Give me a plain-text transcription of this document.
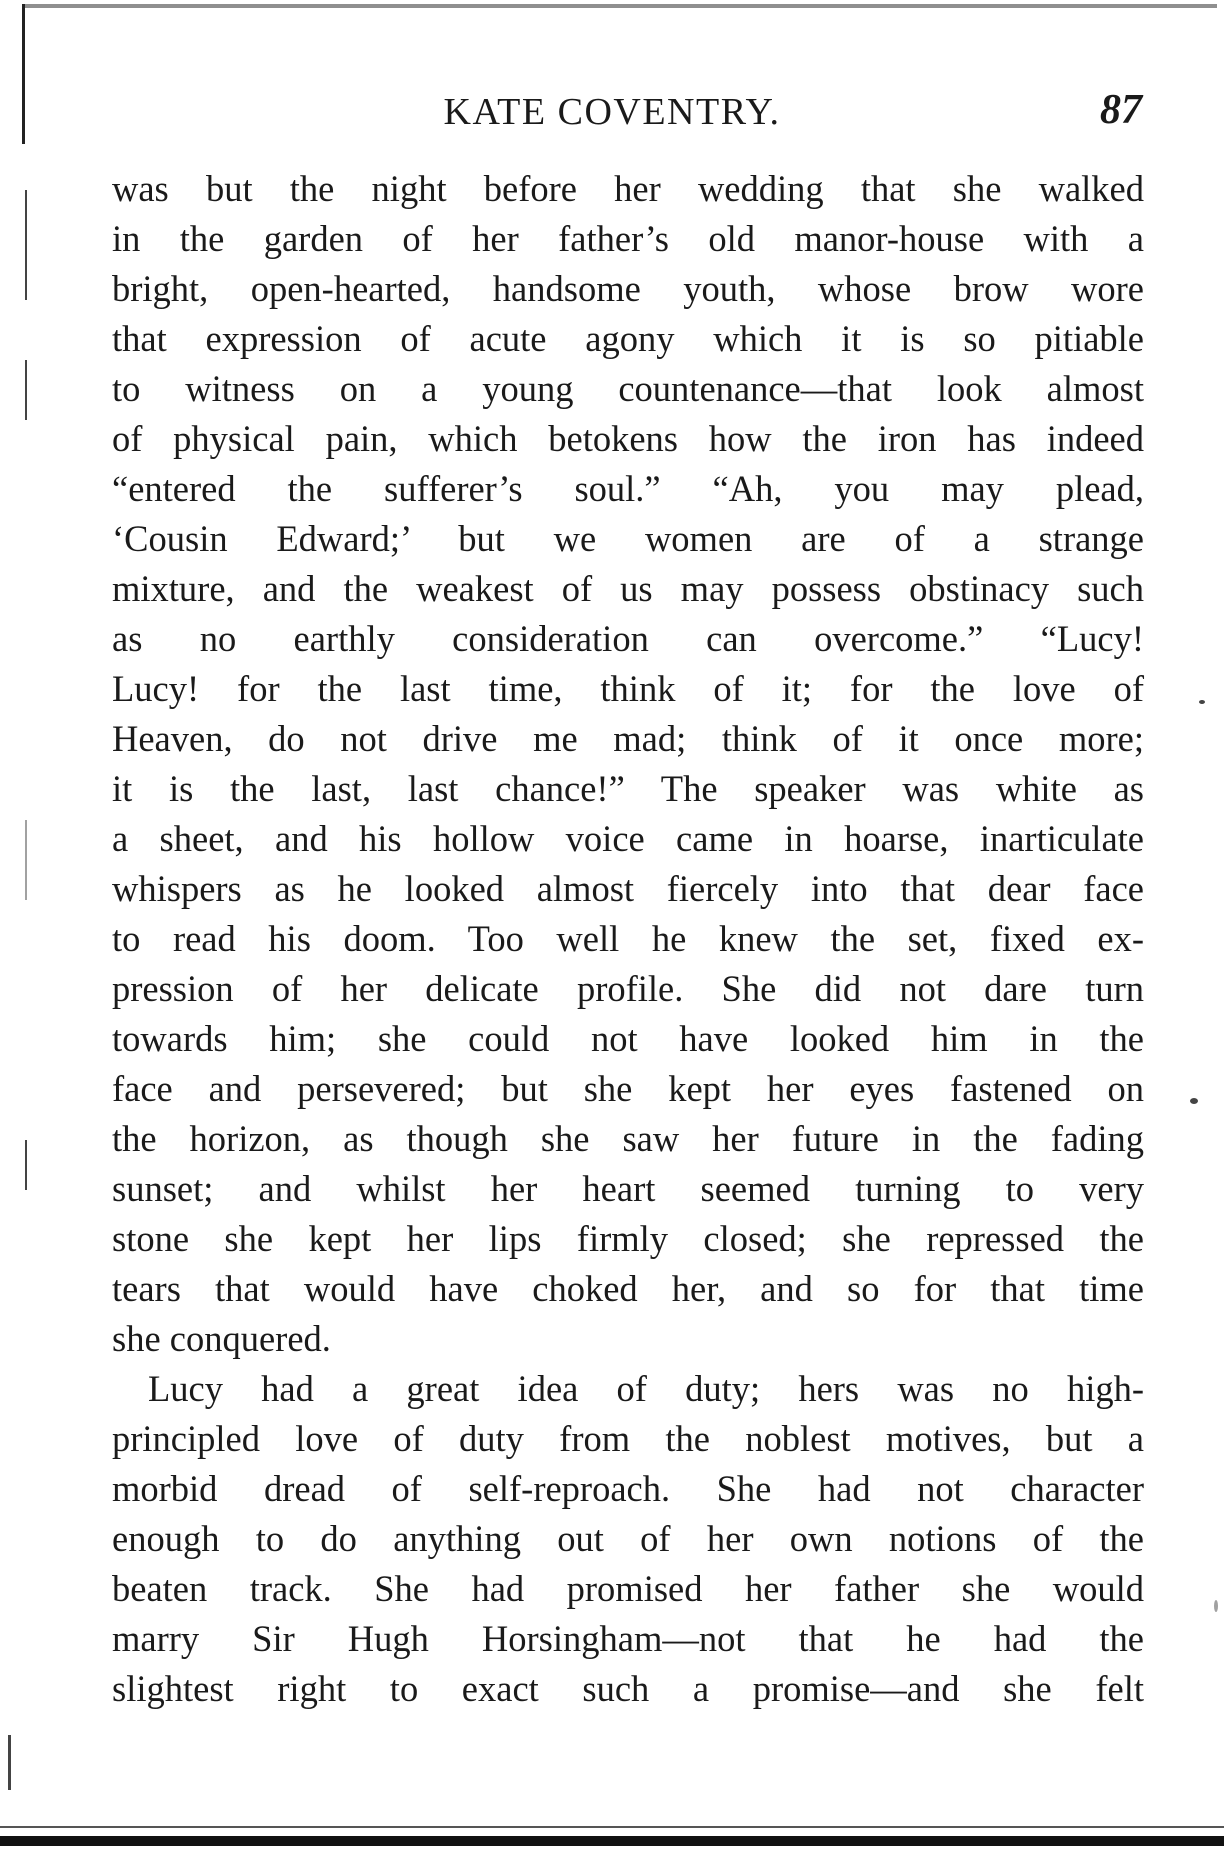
KATE COVENTRY.	87
was but the night before her wedding that she walked
in the garden of her father’s old manor-house with a
bright, open-hearted, handsome youth, whose brow wore
that expression of acute agony which it is so pitiable
to witness on a young countenance—that look almost
of physical pain, which betokens how the iron has indeed
“entered the sufferer’s soul.” “Ah, you may plead,
‘Cousin Edward;’ but we women are of a strange
mixture, and the weakest of us may possess obstinacy such
as no earthly consideration can overcome.” “Lucy!
Lucy! for the last time, think of it; for the love of
Heaven, do not drive me mad; think of it once more;
it is the last, last chance!” The speaker was white as
a sheet, and his hollow voice came in hoarse, inarticulate
whispers as he looked almost fiercely into that dear face
to read his doom. Too well he knew the set, fixed ex-
pression of her delicate profile. She did not dare turn
towards him; she could not have looked him in the
face and persevered; but she kept her eyes fastened on
the horizon, as though she saw her future in the fading
sunset; and whilst her heart seemed turning to very
stone she kept her lips firmly closed; she repressed the
tears that would have choked her, and so for that time
she conquered.
Lucy had a great idea of duty; hers was no high-
principled love of duty from the noblest motives, but a
morbid dread of self-reproach. She had not character
enough to do anything out of her own notions of the
beaten track. She had promised her father she would
marry Sir Hugh Horsingham—not that he had the
slightest right to exact such a promise—and she felt
